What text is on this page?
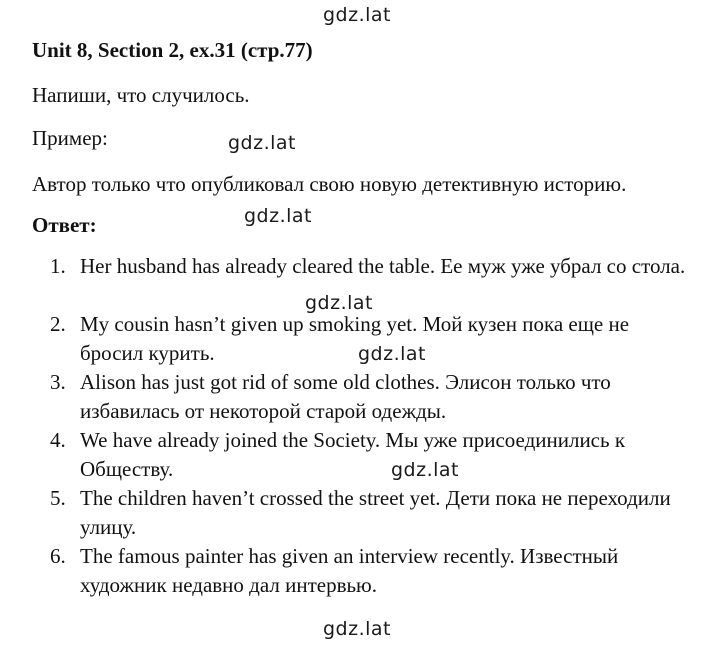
gdz.lat
Unit 8, Section 2, ex.31 (стр.77)
Напиши, что случилось.
Пример:	gdz.lat
Автор только что опубликовал свою новую детективную историю.
gdz.lat
Ответ:
1. Her husband has already cleared the table. Ее муж уже убрал со стола.
2. My cousin hasn’t given up smoking yet. Мой кузен пока еще не бросил курить.
3. Alison has just got rid of some old clothes. Элисон только что избавилась от некоторой старой одежды.
4. We have already joined the Society. Мы уже присоединились к Обществу.
5. The children haven’t crossed the street yet. Дети пока не переходили улицу.
6. The famous painter has given an interview recently. Известный художник недавно дал интервью.
gdz.lat
gdz.lat
gdz.lat
gdz.lat
